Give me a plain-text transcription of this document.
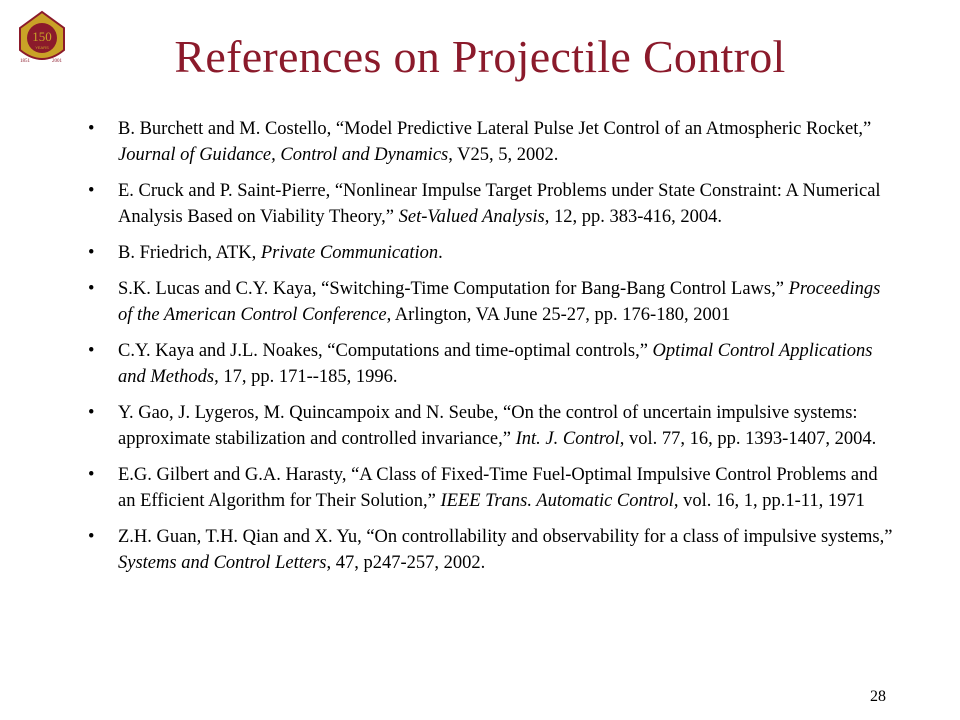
150
YEARS
1851	2001	References on Projectile Control
• B. Burchett and M. Costello, “Model Predictive Lateral Pulse Jet Control of an Atmospheric Rocket,” Journal of Guidance, Control and Dynamics, V25, 5, 2002.
• E. Cruck and P. Saint-Pierre, “Nonlinear Impulse Target Problems under State Constraint: A Numerical Analysis Based on Viability Theory,” Set-Valued Analysis, 12, pp. 383-416, 2004.
• B. Friedrich, ATK, Private Communication.
• S.K. Lucas and C.Y. Kaya, “Switching-Time Computation for Bang-Bang Control Laws,” Proceedings of the American Control Conference, Arlington, VA June 25-27, pp. 176-180, 2001
• C.Y. Kaya and J.L. Noakes, “Computations and time-optimal controls,” Optimal Control Applications and Methods, 17, pp. 171--185, 1996.
• Y. Gao, J. Lygeros, M. Quincampoix and N. Seube, “On the control of uncertain impulsive systems: approximate stabilization and controlled invariance,” Int. J. Control, vol. 77, 16, pp. 1393-1407, 2004.
• E.G. Gilbert and G.A. Harasty, “A Class of Fixed-Time Fuel-Optimal Impulsive Control Problems and an Efficient Algorithm for Their Solution,” IEEE Trans. Automatic Control, vol. 16, 1, pp.1-11, 1971
• Z.H. Guan, T.H. Qian and X. Yu, “On controllability and observability for a class of impulsive systems,” Systems and Control Letters, 47, p247-257, 2002.
28
